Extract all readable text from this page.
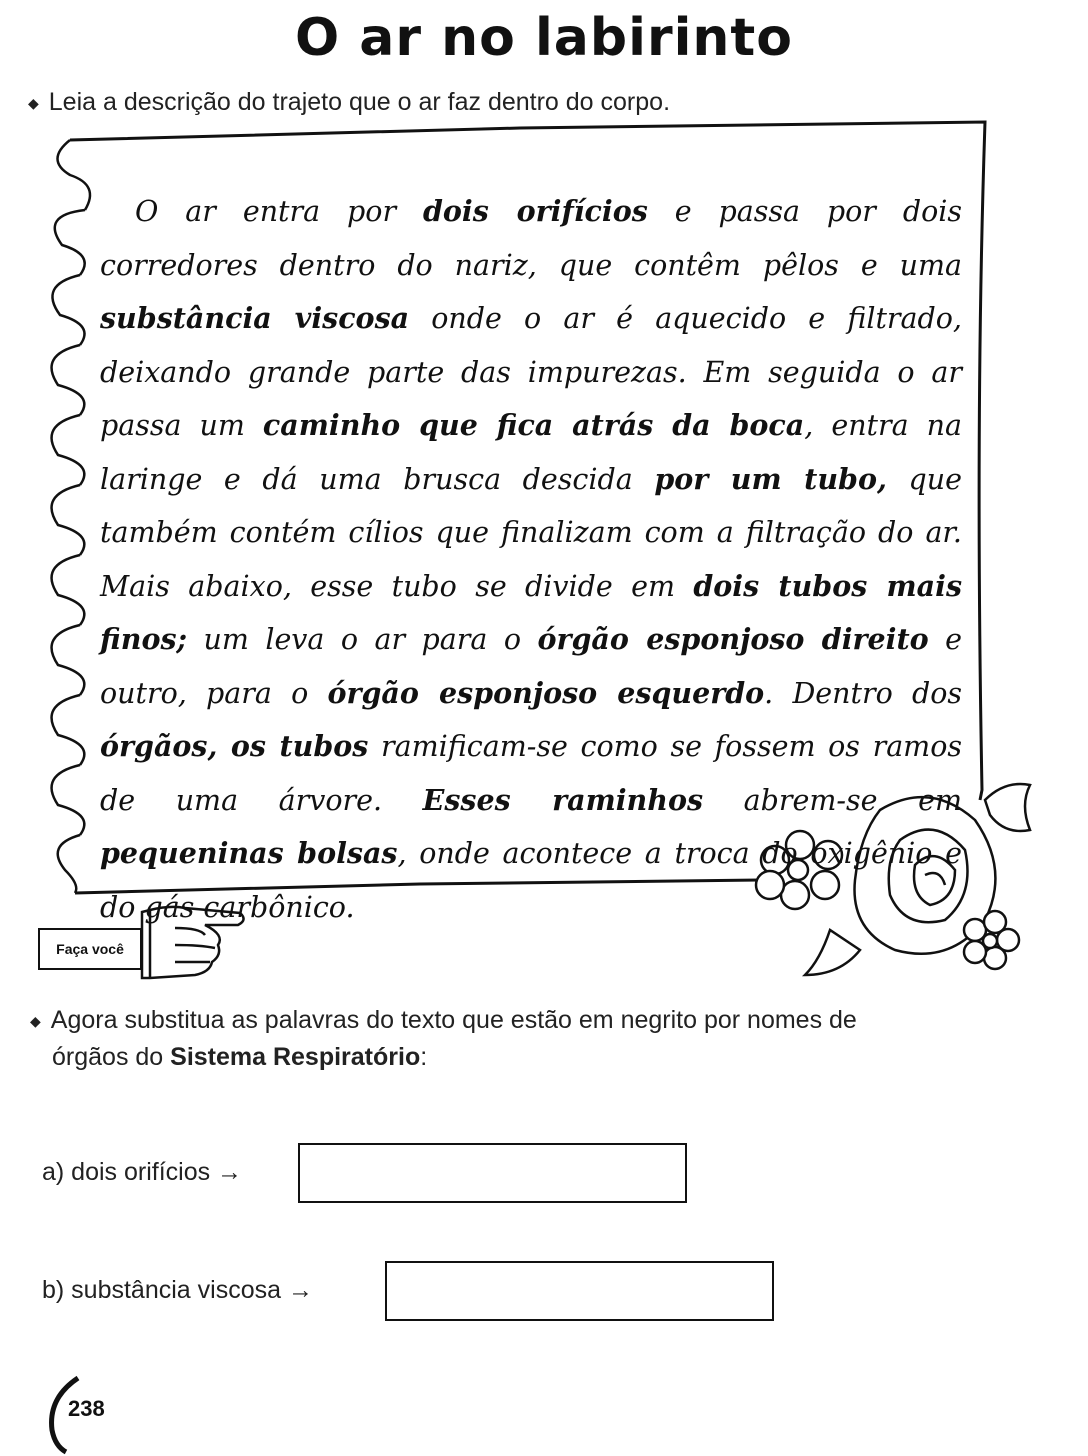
O ar no labirinto
◆ Leia a descrição do trajeto que o ar faz dentro do corpo.

O ar entra por dois orifícios e passa por dois corredores dentro do nariz, que contêm pêlos e uma substância viscosa onde o ar é aquecido e filtrado, deixando grande parte das impurezas. Em seguida o ar passa um caminho que fica atrás da boca, entra na laringe e dá uma brusca descida por um tubo, que também contém cílios que finalizam com a filtração do ar. Mais abaixo, esse tubo se divide em dois tubos mais finos; um leva o ar para o órgão esponjoso direito e outro, para o órgão esponjoso esquerdo. Dentro dos órgãos, os tubos ramificam-se como se fossem os ramos de uma árvore. Esses raminhos abrem-se em pequeninas bolsas, onde acontece a troca do oxigênio e do gás carbônico.

Faça você
◆ Agora substitua as palavras do texto que estão em negrito por nomes de
órgãos do Sistema Respiratório:
a) dois orifícios →
b) substância viscosa →
238
